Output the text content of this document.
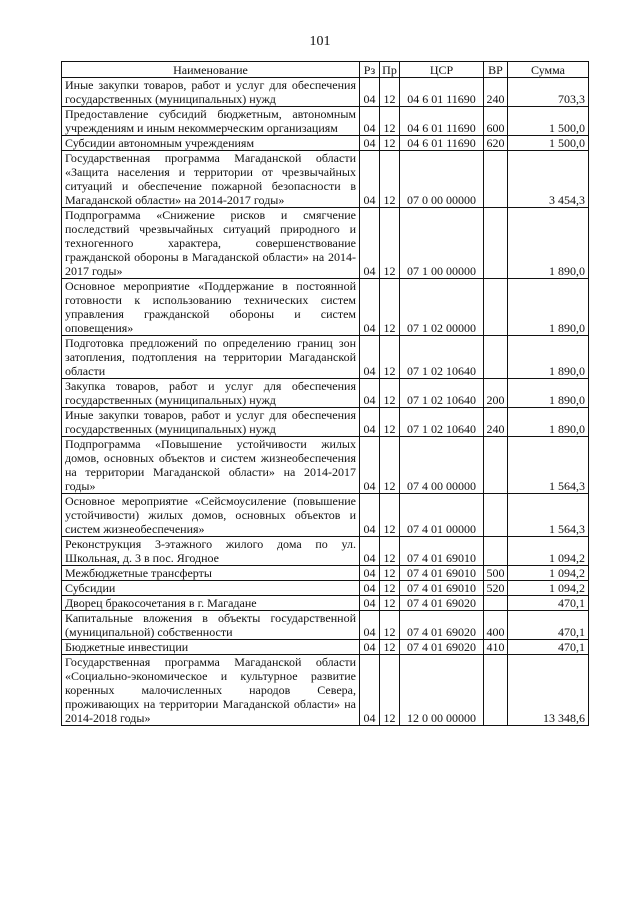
101
Наименование	Рз	Пр	ЦСР	ВР	Сумма
Иные закупки товаров, работ и услуг для обеспечения государственных (муниципальных) нужд	04	12	04 6 01 11690	240	703,3
Предоставление субсидий бюджетным, автономным учреждениям и иным некоммерческим организациям	04	12	04 6 01 11690	600	1 500,0
Субсидии автономным учреждениям	04	12	04 6 01 11690	620	1 500,0
Государственная программа Магаданской области «Защита населения и территории от чрезвычайных ситуаций и обеспечение пожарной безопасности в Магаданской области» на 2014-2017 годы»	04	12	07 0 00 00000		3 454,3
Подпрограмма «Снижение рисков и смягчение последствий чрезвычайных ситуаций природного и техногенного характера, совершенствование гражданской обороны в Магаданской области» на 2014-2017 годы»	04	12	07 1 00 00000		1 890,0
Основное мероприятие «Поддержание в постоянной готовности к использованию технических систем управления гражданской обороны и систем оповещения»	04	12	07 1 02 00000		1 890,0
Подготовка предложений по определению границ зон затопления, подтопления на территории Магаданской области	04	12	07 1 02 10640		1 890,0
Закупка товаров, работ и услуг для обеспечения государственных (муниципальных) нужд	04	12	07 1 02 10640	200	1 890,0
Иные закупки товаров, работ и услуг для обеспечения государственных (муниципальных) нужд	04	12	07 1 02 10640	240	1 890,0
Подпрограмма «Повышение устойчивости жилых домов, основных объектов и систем жизнеобеспечения на территории Магаданской области» на 2014-2017 годы»	04	12	07 4 00 00000		1 564,3
Основное мероприятие «Сейсмоусиление (повышение устойчивости) жилых домов, основных объектов и систем жизнеобеспечения»	04	12	07 4 01 00000		1 564,3
Реконструкция 3-этажного жилого дома по ул. Школьная, д. 3 в пос. Ягодное	04	12	07 4 01 69010		1 094,2
Межбюджетные трансферты	04	12	07 4 01 69010	500	1 094,2
Субсидии	04	12	07 4 01 69010	520	1 094,2
Дворец бракосочетания в г. Магадане	04	12	07 4 01 69020		470,1
Капитальные вложения в объекты государственной (муниципальной) собственности	04	12	07 4 01 69020	400	470,1
Бюджетные инвестиции	04	12	07 4 01 69020	410	470,1
Государственная программа Магаданской области «Социально-экономическое и культурное развитие коренных малочисленных народов Севера, проживающих на территории Магаданской области» на 2014-2018 годы»	04	12	12 0 00 00000		13 348,6
